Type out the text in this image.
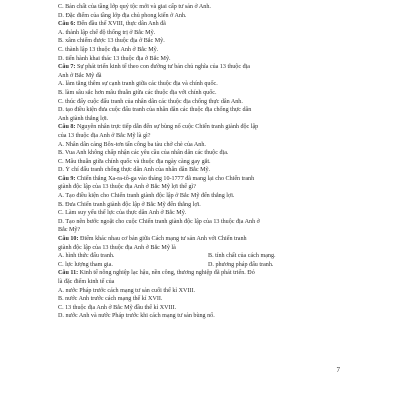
C. Bản chất của tầng lớp quý tộc mới và giai cấp tư sản ở Anh.
D. Đặc điểm của tầng lớp địa chủ phong kiến ở Anh.
Câu 6: Đến đầu thế XVIII, thực dân Anh đã
A. thành lập chế độ thống trị ở Bắc Mỹ.
B. xâm chiếm được 13 thuộc địa ở Bắc Mỹ.
C. thành lập 13 thuộc địa Anh ở Bắc Mỹ.
D. tiến hành khai thác 13 thuộc địa ở Bắc Mỹ.
Câu 7: Sự phát triển kinh tế theo con đường tư bản chủ nghĩa của 13 thuộc địa
Anh ở Bắc Mỹ đã
A. làm tăng thêm sự cạnh tranh giữa các thuộc địa và chính quốc.
B. làm sâu sắc hơn mâu thuẫn giữa các thuộc địa với chính quốc.
C. thúc đẩy cuộc đấu tranh của nhân dân các thuộc địa chống thực dân Anh.
D. tạo điều kiện đưa cuộc đấu tranh của nhân dân các thuộc địa chống thực dân
Anh giành thắng lợi.
Câu 8: Nguyên nhân trực tiếp dẫn đến sự bùng nổ cuộc Chiến tranh giành độc lập
của 13 thuộc địa Anh ở Bắc Mỹ là gì?
A. Nhân dân cảng Bôx-tơn tấn công ba tàu chở chè của Anh.
B. Vua Anh không chấp nhận các yêu cầu của nhân dân các thuộc địa.
C. Mâu thuẫn giữa chính quốc và thuộc địa ngày càng gay gắt.
D. Ý chí đấu tranh chống thực dân Anh của nhân dân Bắc Mỹ.
Câu 9: Chiến thắng Xa-ra-tô-ga vào tháng 10-1777 đã mang lại cho Chiến tranh
giành độc lập của 13 thuộc địa Anh ở Bắc Mỹ lợi thế gì?
A. Tạo điều kiện cho Chiến tranh giành độc lập ở Bắc Mỹ đến thắng lợi.
B. Đưa Chiến tranh giành độc lập ở Bắc Mỹ đến thắng lợi.
C. Làm suy yếu thế lực của thực dân Anh ở Bắc Mỹ.
D. Tạo nên bước ngoặt cho cuộc Chiến tranh giành độc lập của 13 thuộc địa Anh ở
Bắc Mỹ?
Câu 10: Điểm khác nhau cơ bản giữa Cách mạng tư sản Anh với Chiến tranh
giành độc lập của 13 thuộc địa Anh ở Bắc Mỹ là
A. hình thức đấu tranh.	B. tính chất của cách mạng.
C. lực lượng tham gia.	D. phương pháp đấu tranh.
Câu 11: Kinh tế nông nghiệp lạc hậu, nền công, thương nghiệp đã phát triển. Đó
là đặc điểm kinh tế của
A. nước Pháp trước cách mạng tư sản cuối thế kỉ XVIII.
B. nước Anh trước cách mạng thế kỉ XVII.
C. 13 thuộc địa Anh ở Bắc Mỹ đầu thế kỉ XVIII.
D. nước Anh và nước Pháp trước khi cách mạng tư sản bùng nổ.
7
